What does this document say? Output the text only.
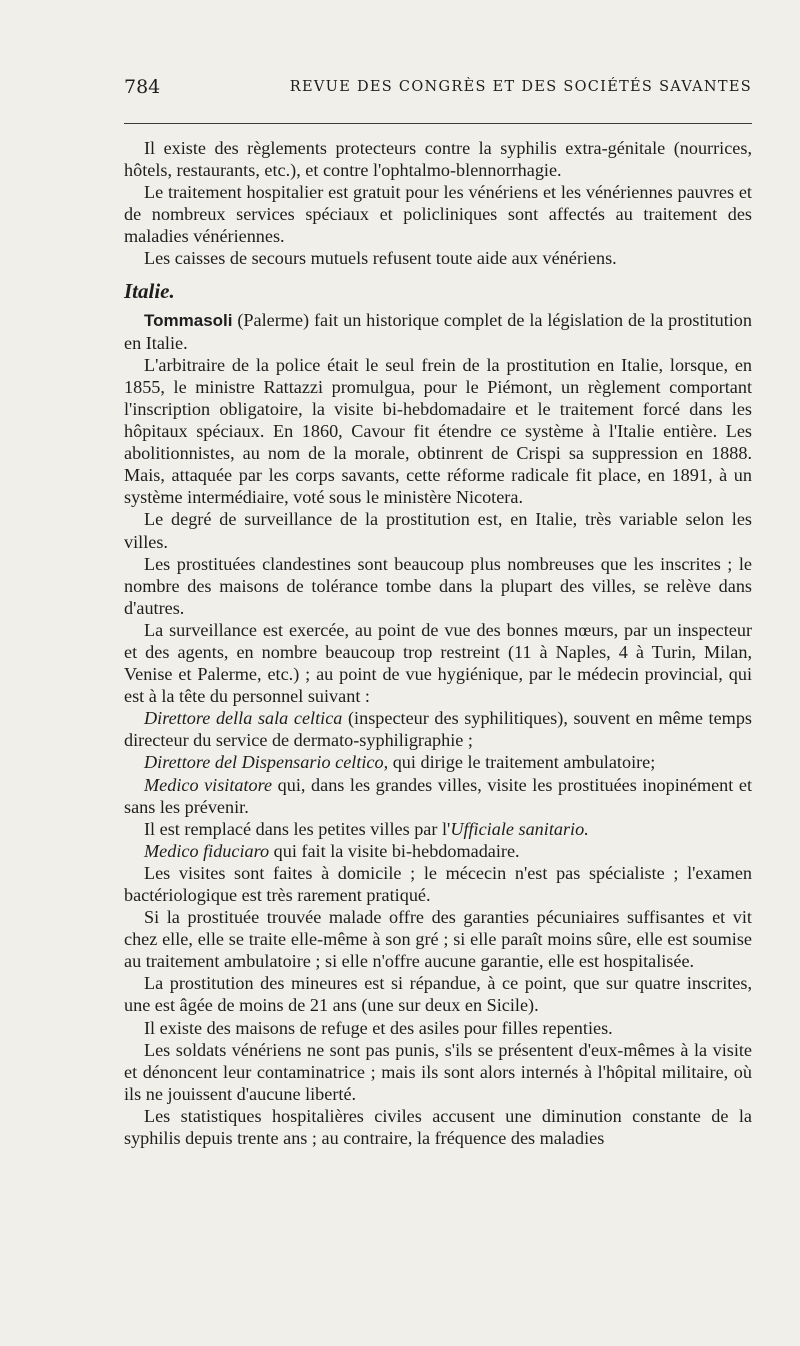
784	REVUE DES CONGRÈS ET DES SOCIÉTÉS SAVANTES

Il existe des règlements protecteurs contre la syphilis extra-génitale (nourrices, hôtels, restaurants, etc.), et contre l'ophtalmo-blennorrhagie.

Le traitement hospitalier est gratuit pour les vénériens et les vénériennes pauvres et de nombreux services spéciaux et policliniques sont affectés au traitement des maladies vénériennes.

Les caisses de secours mutuels refusent toute aide aux vénériens.

Italie.

Tommasoli (Palerme) fait un historique complet de la législation de la prostitution en Italie.

L'arbitraire de la police était le seul frein de la prostitution en Italie, lorsque, en 1855, le ministre Rattazzi promulgua, pour le Piémont, un règlement comportant l'inscription obligatoire, la visite bi-hebdomadaire et le traitement forcé dans les hôpitaux spéciaux. En 1860, Cavour fit étendre ce système à l'Italie entière. Les abolitionnistes, au nom de la morale, obtinrent de Crispi sa suppression en 1888. Mais, attaquée par les corps savants, cette réforme radicale fit place, en 1891, à un système intermédiaire, voté sous le ministère Nicotera.

Le degré de surveillance de la prostitution est, en Italie, très variable selon les villes.

Les prostituées clandestines sont beaucoup plus nombreuses que les inscrites ; le nombre des maisons de tolérance tombe dans la plupart des villes, se relève dans d'autres.

La surveillance est exercée, au point de vue des bonnes mœurs, par un inspecteur et des agents, en nombre beaucoup trop restreint (11 à Naples, 4 à Turin, Milan, Venise et Palerme, etc.) ; au point de vue hygiénique, par le médecin provincial, qui est à la tête du personnel suivant :

Direttore della sala celtica (inspecteur des syphilitiques), souvent en même temps directeur du service de dermato-syphiligraphie ;

Direttore del Dispensario celtico, qui dirige le traitement ambulatoire;

Medico visitatore qui, dans les grandes villes, visite les prostituées inopinément et sans les prévenir.

Il est remplacé dans les petites villes par l'Ufficiale sanitario.

Medico fiduciaro qui fait la visite bi-hebdomadaire.

Les visites sont faites à domicile ; le mécecin n'est pas spécialiste ; l'examen bactériologique est très rarement pratiqué.

Si la prostituée trouvée malade offre des garanties pécuniaires suffisantes et vit chez elle, elle se traite elle-même à son gré ; si elle paraît moins sûre, elle est soumise au traitement ambulatoire ; si elle n'offre aucune garantie, elle est hospitalisée.

La prostitution des mineures est si répandue, à ce point, que sur quatre inscrites, une est âgée de moins de 21 ans (une sur deux en Sicile).

Il existe des maisons de refuge et des asiles pour filles repenties.

Les soldats vénériens ne sont pas punis, s'ils se présentent d'eux-mêmes à la visite et dénoncent leur contaminatrice ; mais ils sont alors internés à l'hôpital militaire, où ils ne jouissent d'aucune liberté.

Les statistiques hospitalières civiles accusent une diminution constante de la syphilis depuis trente ans ; au contraire, la fréquence des maladies
